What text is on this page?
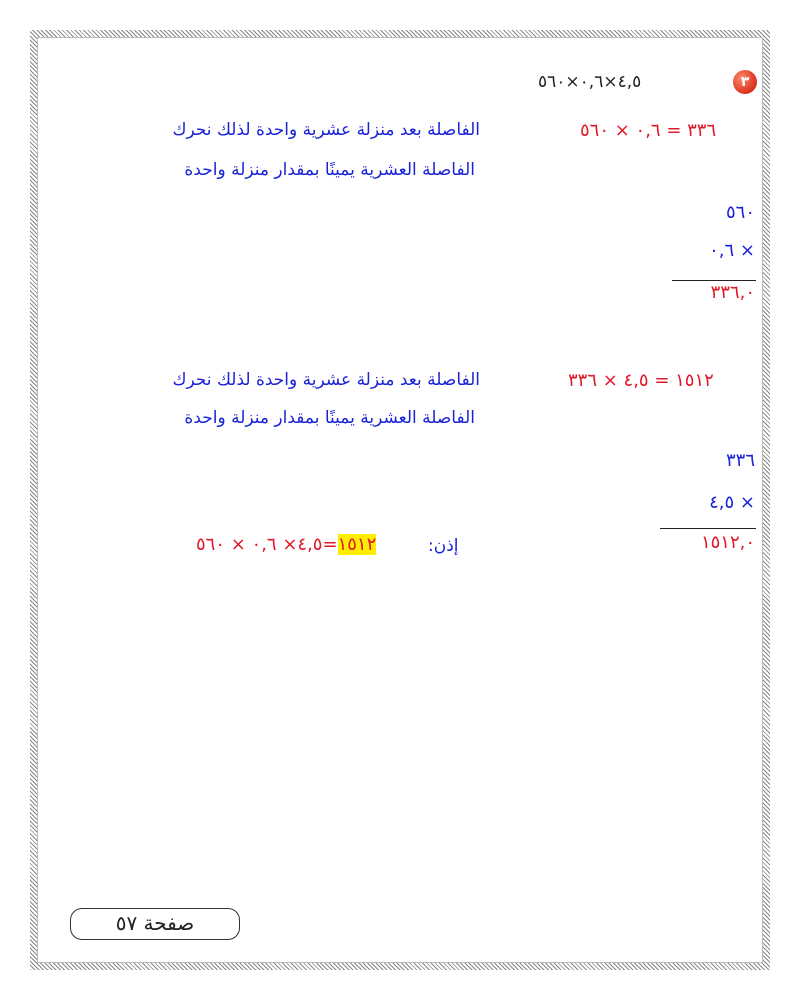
٣
٤,٥×٠,٦×٥٦٠
٣٣٦ = ٠,٦ × ٥٦٠
الفاصلة بعد منزلة عشرية واحدة لذلك نحرك
الفاصلة العشرية يمينًا بمقدار منزلة واحدة
٥٦٠
٠,٦ ×
٣٣٦,٠
١٥١٢ = ٤,٥ × ٣٣٦
الفاصلة بعد منزلة عشرية واحدة لذلك نحرك
الفاصلة العشرية يمينًا بمقدار منزلة واحدة
٣٣٦
٤,٥ ×
١٥١٢,٠
إذن:
١٥١٢=٤,٥× ٠,٦ × ٥٦٠
صفحة ٥٧
